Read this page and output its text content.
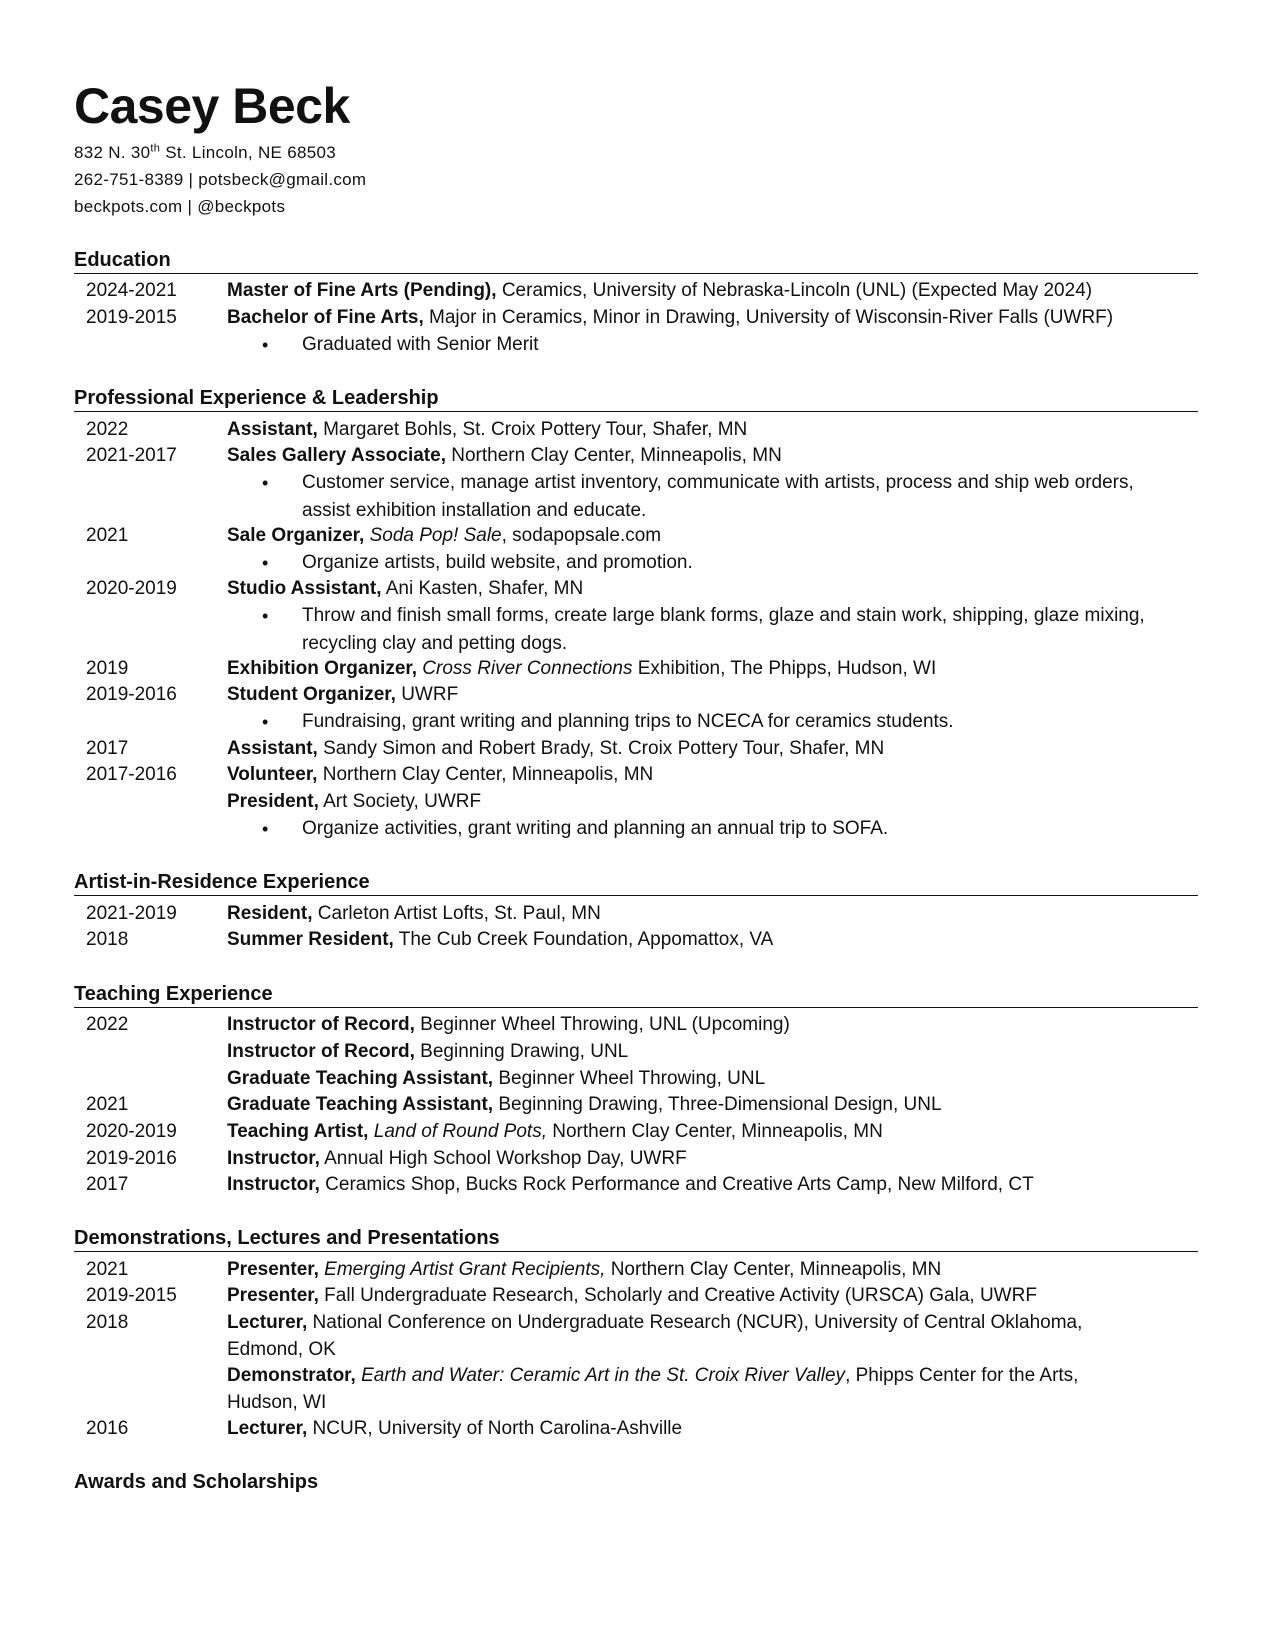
Casey Beck
832 N. 30th St. Lincoln, NE 68503
262-751-8389 | potsbeck@gmail.com
beckpots.com | @beckpots
Education
2024-2021	Master of Fine Arts (Pending), Ceramics, University of Nebraska-Lincoln (UNL) (Expected May 2024)
2019-2015	Bachelor of Fine Arts, Major in Ceramics, Minor in Drawing, University of Wisconsin-River Falls (UWRF)
• Graduated with Senior Merit
Professional Experience & Leadership
2022	Assistant, Margaret Bohls, St. Croix Pottery Tour, Shafer, MN
2021-2017	Sales Gallery Associate, Northern Clay Center, Minneapolis, MN
• Customer service, manage artist inventory, communicate with artists, process and ship web orders, assist exhibition installation and educate.
2021	Sale Organizer, Soda Pop! Sale, sodapopsale.com
• Organize artists, build website, and promotion.
2020-2019	Studio Assistant, Ani Kasten, Shafer, MN
• Throw and finish small forms, create large blank forms, glaze and stain work, shipping, glaze mixing, recycling clay and petting dogs.
2019	Exhibition Organizer, Cross River Connections Exhibition, The Phipps, Hudson, WI
2019-2016	Student Organizer, UWRF
• Fundraising, grant writing and planning trips to NCECA for ceramics students.
2017	Assistant, Sandy Simon and Robert Brady, St. Croix Pottery Tour, Shafer, MN
2017-2016	Volunteer, Northern Clay Center, Minneapolis, MN
President, Art Society, UWRF
• Organize activities, grant writing and planning an annual trip to SOFA.
Artist-in-Residence Experience
2021-2019	Resident, Carleton Artist Lofts, St. Paul, MN
2018	Summer Resident, The Cub Creek Foundation, Appomattox, VA
Teaching Experience
2022	Instructor of Record, Beginner Wheel Throwing, UNL (Upcoming)
Instructor of Record, Beginning Drawing, UNL
Graduate Teaching Assistant, Beginner Wheel Throwing, UNL
2021	Graduate Teaching Assistant, Beginning Drawing, Three-Dimensional Design, UNL
2020-2019	Teaching Artist, Land of Round Pots, Northern Clay Center, Minneapolis, MN
2019-2016	Instructor, Annual High School Workshop Day, UWRF
2017	Instructor, Ceramics Shop, Bucks Rock Performance and Creative Arts Camp, New Milford, CT
Demonstrations, Lectures and Presentations
2021	Presenter, Emerging Artist Grant Recipients, Northern Clay Center, Minneapolis, MN
2019-2015	Presenter, Fall Undergraduate Research, Scholarly and Creative Activity (URSCA) Gala, UWRF
2018	Lecturer, National Conference on Undergraduate Research (NCUR), University of Central Oklahoma,
Edmond, OK
Demonstrator, Earth and Water: Ceramic Art in the St. Croix River Valley, Phipps Center for the Arts,
Hudson, WI
2016	Lecturer, NCUR, University of North Carolina-Ashville
Awards and Scholarships
